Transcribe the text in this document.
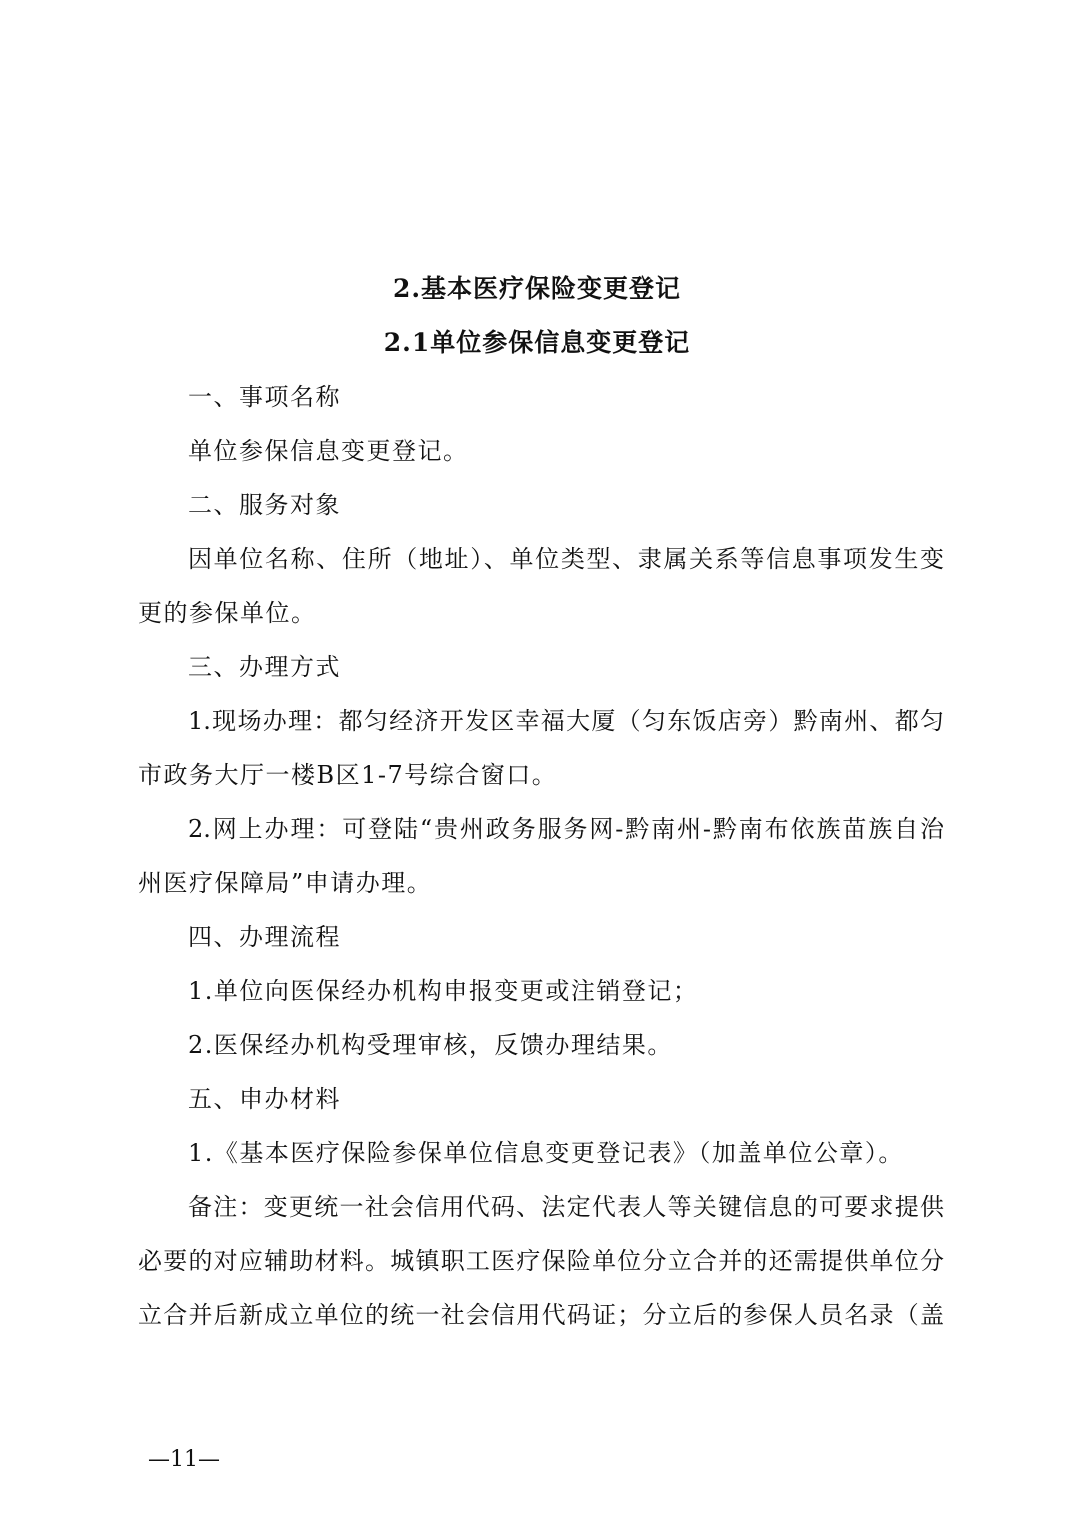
2.基本医疗保险变更登记
2.1单位参保信息变更登记
一、事项名称
单位参保信息变更登记。
二、服务对象
因单位名称、住所（地址）、单位类型、隶属关系等信息事项发生变
更的参保单位。
三、办理方式
1.现场办理：都匀经济开发区幸福大厦（匀东饭店旁）黔南州、都匀
市政务大厅一楼B区1-7号综合窗口。
2.网上办理：可登陆“贵州政务服务网-黔南州-黔南布依族苗族自治
州医疗保障局”申请办理。
四、办理流程
1.单位向医保经办机构申报变更或注销登记；
2.医保经办机构受理审核，反馈办理结果。
五、申办材料
1.《基本医疗保险参保单位信息变更登记表》（加盖单位公章）。
备注：变更统一社会信用代码、法定代表人等关键信息的可要求提供
必要的对应辅助材料。城镇职工医疗保险单位分立合并的还需提供单位分
立合并后新成立单位的统一社会信用代码证；分立后的参保人员名录（盖
—11—
